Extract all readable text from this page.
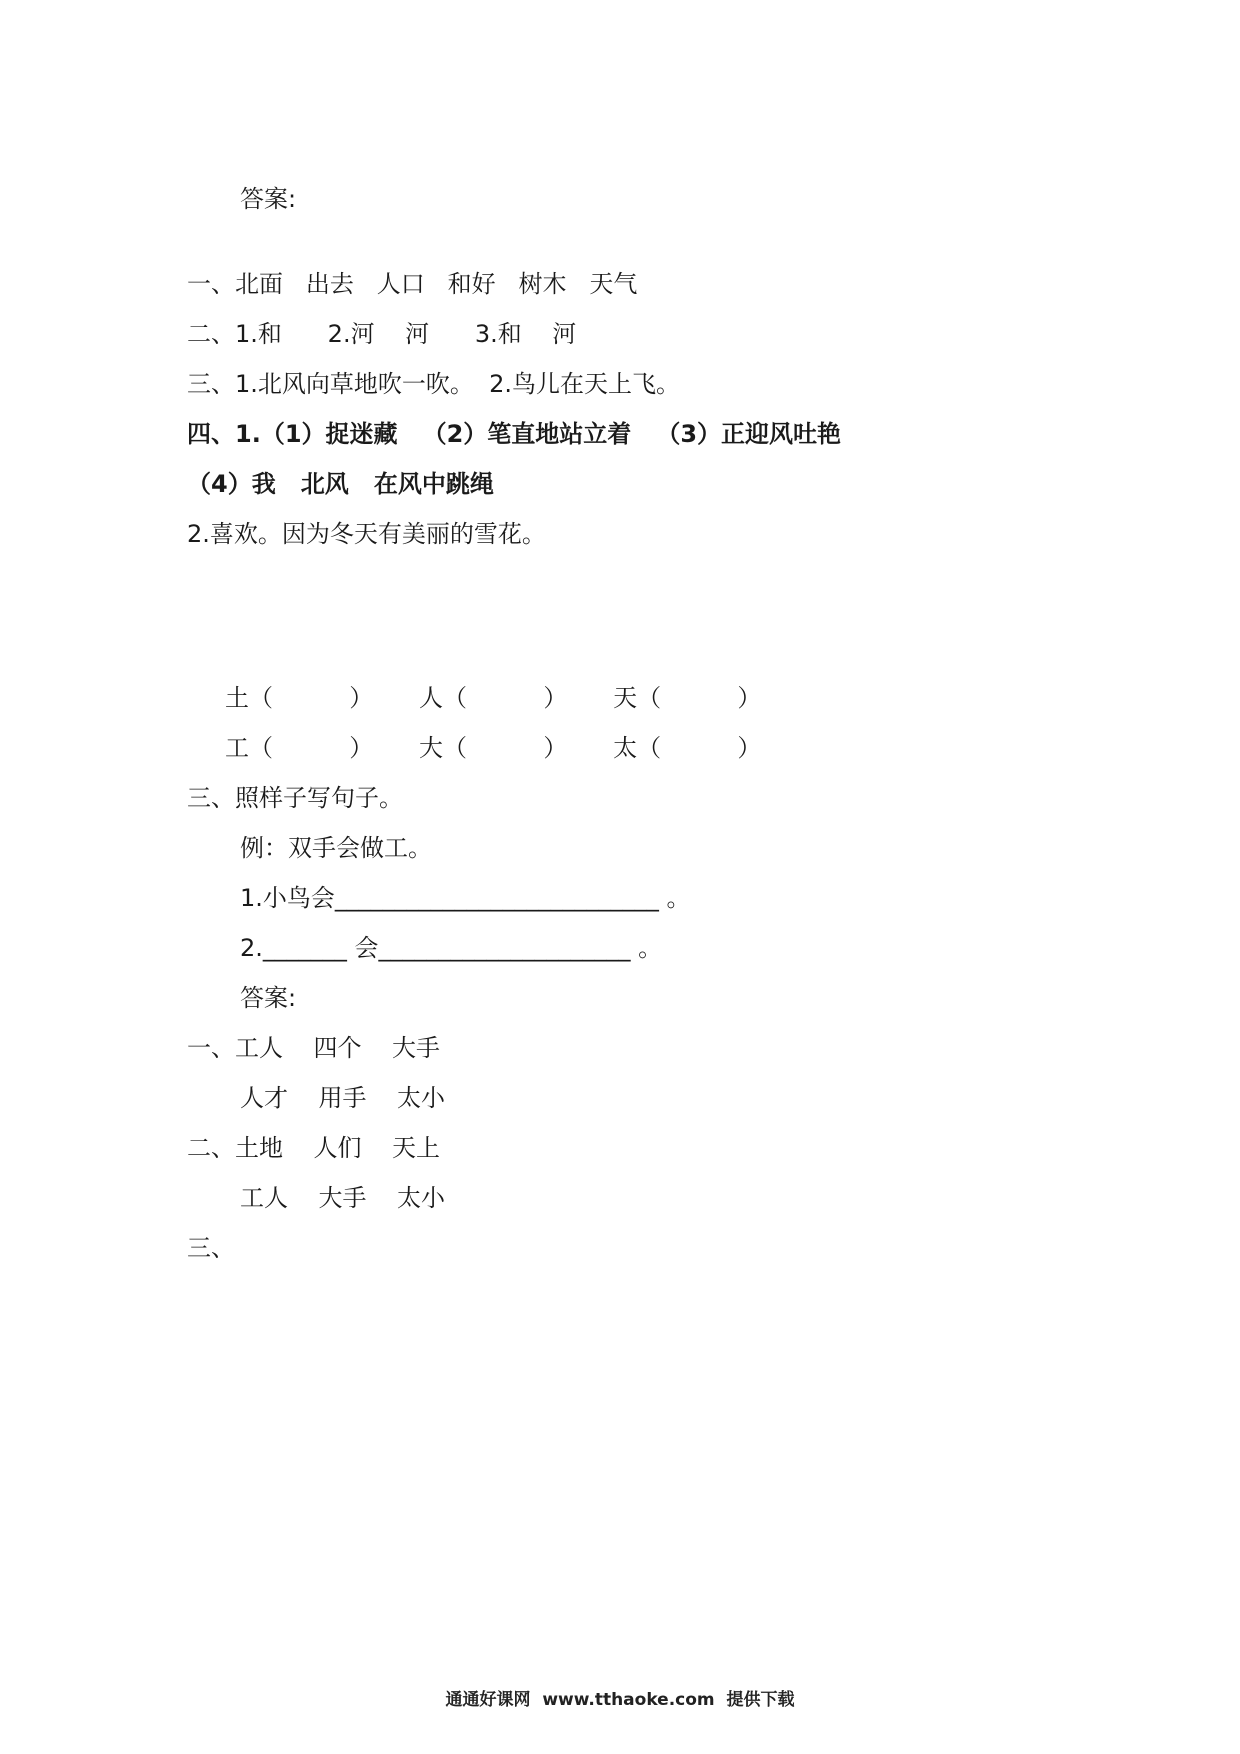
答案:
一、北面   出去   人口   和好   树木   天气
二、1.和      2.河    河      3.和    河
三、1.北风向草地吹一吹。  2.鸟儿在天上飞。
四、1.（1）捉迷藏   （2）笔直地站立着   （3）正迎风吐艳
（4）我   北风   在风中跳绳
2.喜欢。因为冬天有美丽的雪花。
土（          ）      人（          ）      天（          ）
工（          ）      大（          ）      太（          ）
三、照样子写句子。
例：双手会做工。
1.小鸟会___________________________ 。
2._______ 会_____________________ 。
答案:
一、工人    四个    大手
人才    用手    太小
二、土地    人们    天上
工人    大手    太小
三、
通通好课网  www.tthaoke.com  提供下载
